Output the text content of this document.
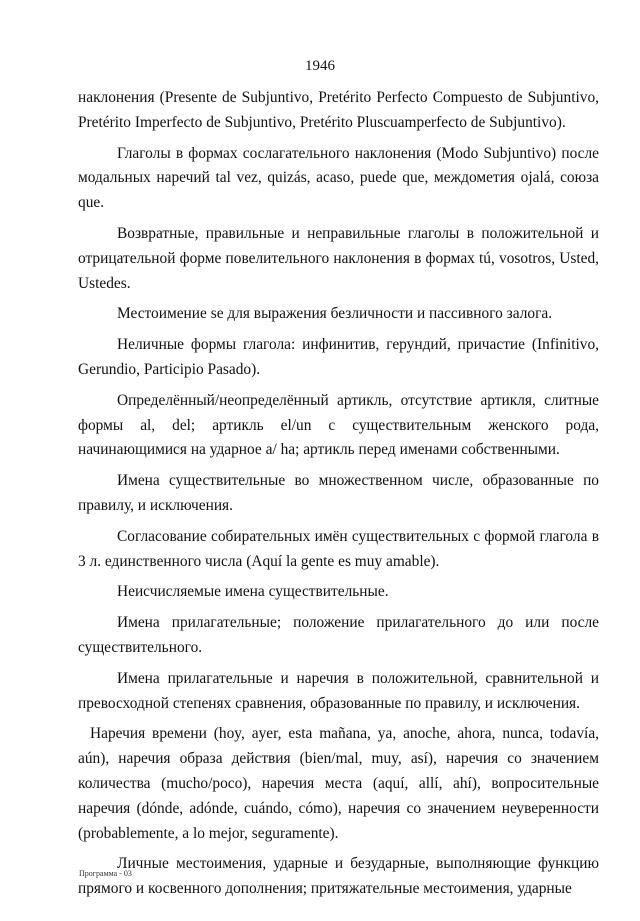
1946

наклонения (Presente de Subjuntivo, Pretérito Perfecto Compuesto de Subjuntivo, Pretérito Imperfecto de Subjuntivo, Pretérito Pluscuamperfecto de Subjuntivo).

Глаголы в формах сослагательного наклонения (Modo Subjuntivo) после модальных наречий tal vez, quizás, acaso, puede que, междометия ojalá, союза que.

Возвратные, правильные и неправильные глаголы в положительной и отрицательной форме повелительного наклонения в формах tú, vosotros, Usted, Ustedes.

Местоимение se для выражения безличности и пассивного залога.

Неличные формы глагола: инфинитив, герундий, причастие (Infinitivo, Gerundio, Participio Pasado).

Определённый/неопределённый артикль, отсутствие артикля, слитные формы al, del; артикль el/un с существительным женского рода, начинающимися на ударное a/ ha; артикль перед именами собственными.

Имена существительные во множественном числе, образованные по правилу, и исключения.

Согласование собирательных имён существительных с формой глагола в 3 л. единственного числа (Aquí la gente es muy amable).

Неисчисляемые имена существительные.

Имена прилагательные; положение прилагательного до или после существительного.

Имена прилагательные и наречия в положительной, сравнительной и превосходной степенях сравнения, образованные по правилу, и исключения.

Наречия времени (hoy, ayer, esta mañana, ya, anoche, ahora, nunca, todavía, aún), наречия образа действия (bien/mal, muy, así), наречия со значением количества (mucho/poco), наречия места (aquí, allí, ahí), вопросительные наречия (dónde, adónde, cuándo, cómo), наречия со значением неуверенности (probablemente, a lo mejor, seguramente).

Личные местоимения, ударные и безударные, выполняющие функцию прямого и косвенного дополнения; притяжательные местоимения, ударные

Программа - 03
